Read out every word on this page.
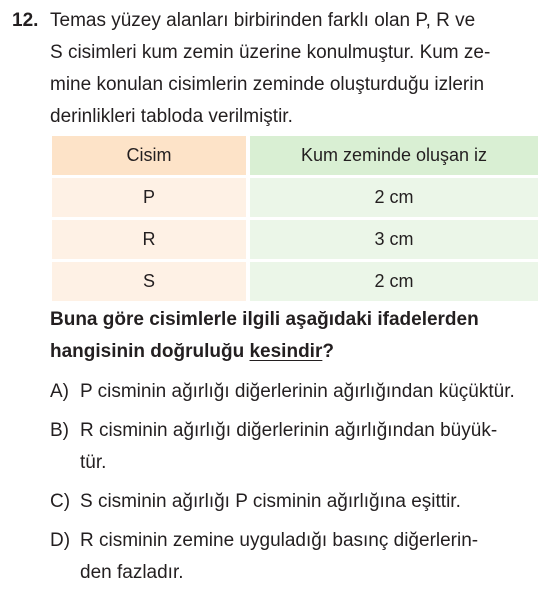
12. Temas yüzey alanları birbirinden farklı olan P, R ve
S cisimleri kum zemin üzerine konulmuştur. Kum ze-
mine konulan cisimlerin zeminde oluşturduğu izlerin
derinlikleri tabloda verilmiştir.
Cisim	Kum zeminde oluşan iz
P	2 cm
R	3 cm
S	2 cm
Buna göre cisimlerle ilgili aşağıdaki ifadelerden
hangisinin doğruluğu kesindir?
A) P cisminin ağırlığı diğerlerinin ağırlığından küçüktür.
B) R cisminin ağırlığı diğerlerinin ağırlığından büyük-
tür.
C) S cisminin ağırlığı P cisminin ağırlığına eşittir.
D) R cisminin zemine uyguladığı basınç diğerlerin-
den fazladır.
